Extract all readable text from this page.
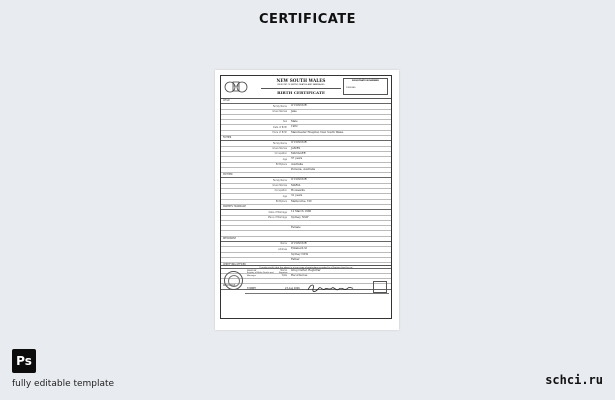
CERTIFICATE
NEW SOUTH WALES
REGISTRY OF BIRTHS DEATHS AND MARRIAGES
BIRTH CERTIFICATE
REGISTRATION NUMBER
1982/045
CHILD
Family Name O'CONNOR
Given Names Jake
Sex Male
Date of Birth 1982
Place of Birth Manchester Hospital, New South Wales
FATHER
Family Name O'CONNOR
Given Names JAMES
Occupation MANAGER
Age 37 years
Birthplace Australia
Pomona, Australia
MOTHER
Family Name O'CONNOR
Given Names MARIA
Occupation Housewife
Age 31 years
Birthplace Melbourne, VIC
PARENTS' MARRIAGE
Date of Marriage 12 March 1980
Place of Marriage Sydney, NSW
Female
INFORMANT
Name O'CONNOR
Address Elizabeth St
Sydney NSW
Father
CERTIFYING OFFICER
Name Greg Carter, Registrar
Date Recorded as
REGISTRAR
I hereby certify that the above is a true copy of particulars recorded in a Register kept by me
ISSUED AT
Registry of Births Deaths and Marriages
Signature
SYDNEY	23 Aug 2006
Ps
fully editable template	schci.ru
